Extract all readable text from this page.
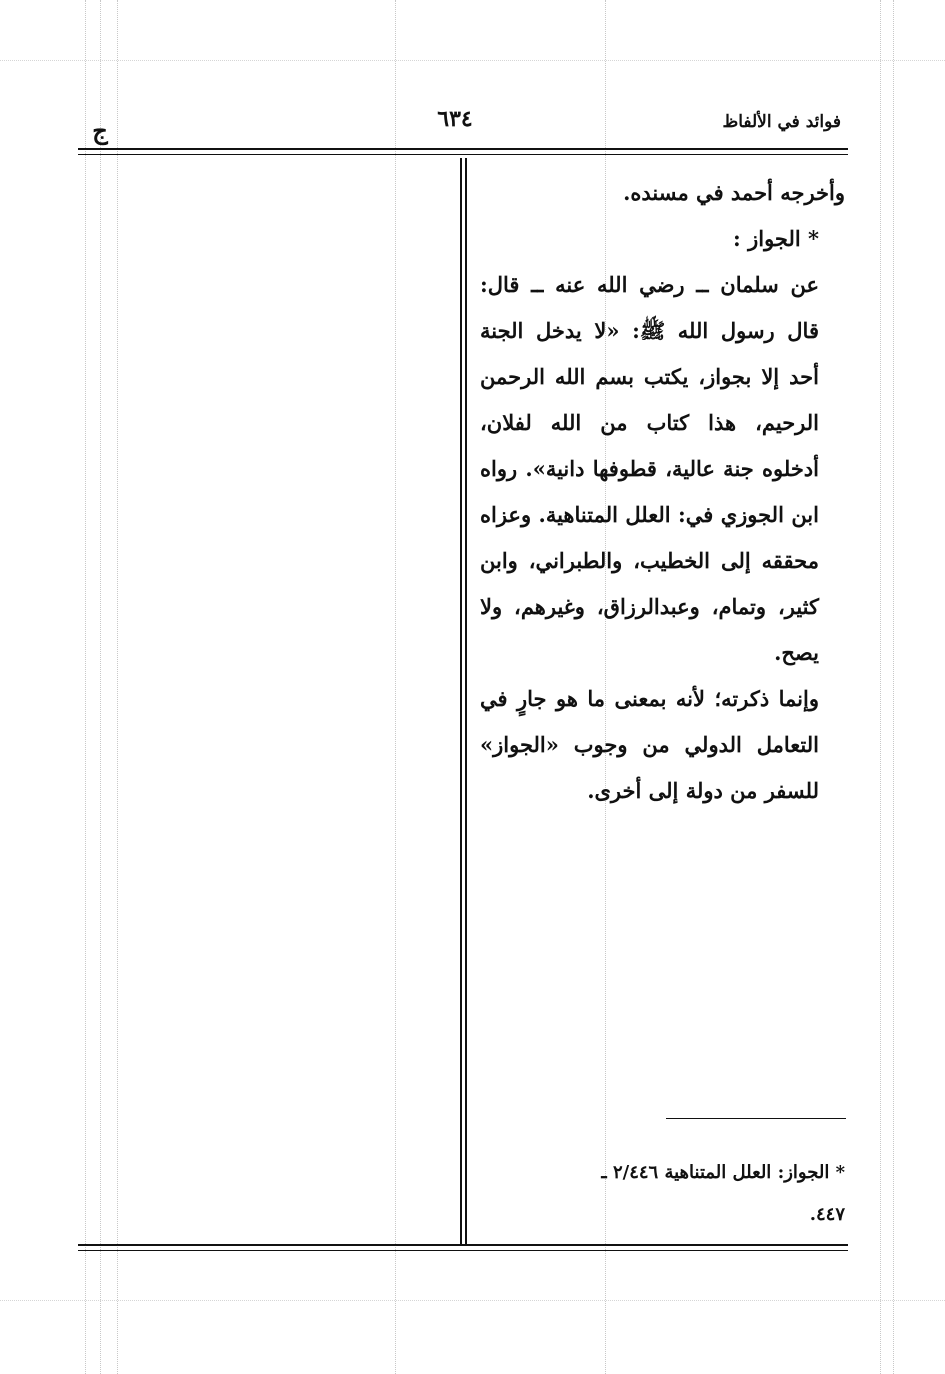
فوائد في الألفاظ
٦٣٤
ج

وأخرجه أحمد في مسنده.

* الجواز :

عن سلمان ــ رضي الله عنه ــ قال: قال رسول الله ﷺ: «لا يدخل الجنة أحد إلا بجواز، يكتب بسم الله الرحمن الرحيم، هذا كتاب من الله لفلان، أدخلوه جنة عالية، قطوفها دانية». رواه ابن الجوزي في: العلل المتناهية. وعزاه محققه إلى الخطيب، والطبراني، وابن كثير، وتمام، وعبدالرزاق، وغيرهم، ولا يصح.

وإنما ذكرته؛ لأنه بمعنى ما هو جارٍ في التعامل الدولي من وجوب «الجواز» للسفر من دولة إلى أخرى.

* الجواز: العلل المتناهية ٢/٤٤٦ ـ

٤٤٧.
